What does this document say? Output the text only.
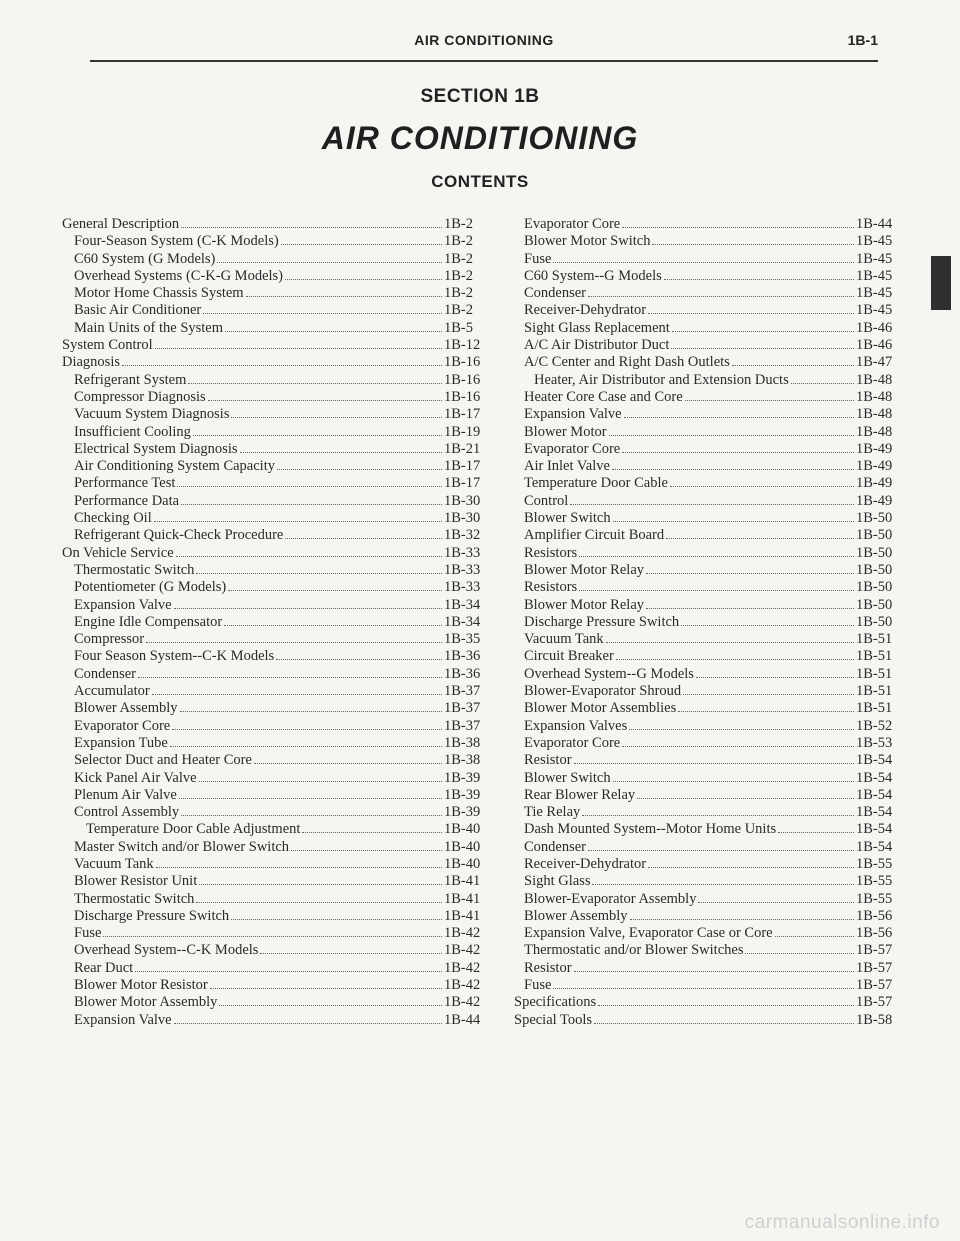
AIR CONDITIONING	1B-1
SECTION 1B
AIR CONDITIONING
CONTENTS
General Description	1B-2
Four-Season System (C-K Models)	1B-2
C60 System (G Models)	1B-2
Overhead Systems (C-K-G Models)	1B-2
Motor Home Chassis System	1B-2
Basic Air Conditioner	1B-2
Main Units of the System	1B-5
System Control	1B-12
Diagnosis	1B-16
Refrigerant System	1B-16
Compressor Diagnosis	1B-16
Vacuum System Diagnosis	1B-17
Insufficient Cooling	1B-19
Electrical System Diagnosis	1B-21
Air Conditioning System Capacity	1B-17
Performance Test	1B-17
Performance Data	1B-30
Checking Oil	1B-30
Refrigerant Quick-Check Procedure	1B-32
On Vehicle Service	1B-33
Thermostatic Switch	1B-33
Potentiometer (G Models)	1B-33
Expansion Valve	1B-34
Engine Idle Compensator	1B-34
Compressor	1B-35
Four Season System--C-K Models	1B-36
Condenser	1B-36
Accumulator	1B-37
Blower Assembly	1B-37
Evaporator Core	1B-37
Expansion Tube	1B-38
Selector Duct and Heater Core	1B-38
Kick Panel Air Valve	1B-39
Plenum Air Valve	1B-39
Control Assembly	1B-39
Temperature Door Cable Adjustment	1B-40
Master Switch and/or Blower Switch	1B-40
Vacuum Tank	1B-40
Blower Resistor Unit	1B-41
Thermostatic Switch	1B-41
Discharge Pressure Switch	1B-41
Fuse	1B-42
Overhead System--C-K Models	1B-42
Rear Duct	1B-42
Blower Motor Resistor	1B-42
Blower Motor Assembly	1B-42
Expansion Valve	1B-44
Evaporator Core	1B-44
Blower Motor Switch	1B-45
Fuse	1B-45
C60 System--G Models	1B-45
Condenser	1B-45
Receiver-Dehydrator	1B-45
Sight Glass Replacement	1B-46
A/C Air Distributor Duct	1B-46
A/C Center and Right Dash Outlets	1B-47
Heater, Air Distributor and Extension Ducts	1B-48
Heater Core Case and Core	1B-48
Expansion Valve	1B-48
Blower Motor	1B-48
Evaporator Core	1B-49
Air Inlet Valve	1B-49
Temperature Door Cable	1B-49
Control	1B-49
Blower Switch	1B-50
Amplifier Circuit Board	1B-50
Resistors	1B-50
Blower Motor Relay	1B-50
Resistors	1B-50
Blower Motor Relay	1B-50
Discharge Pressure Switch	1B-50
Vacuum Tank	1B-51
Circuit Breaker	1B-51
Overhead System--G Models	1B-51
Blower-Evaporator Shroud	1B-51
Blower Motor Assemblies	1B-51
Expansion Valves	1B-52
Evaporator Core	1B-53
Resistor	1B-54
Blower Switch	1B-54
Rear Blower Relay	1B-54
Tie Relay	1B-54
Dash Mounted System--Motor Home Units	1B-54
Condenser	1B-54
Receiver-Dehydrator	1B-55
Sight Glass	1B-55
Blower-Evaporator Assembly	1B-55
Blower Assembly	1B-56
Expansion Valve, Evaporator Case or Core	1B-56
Thermostatic and/or Blower Switches	1B-57
Resistor	1B-57
Fuse	1B-57
Specifications	1B-57
Special Tools	1B-58
carmanualsonline.info
